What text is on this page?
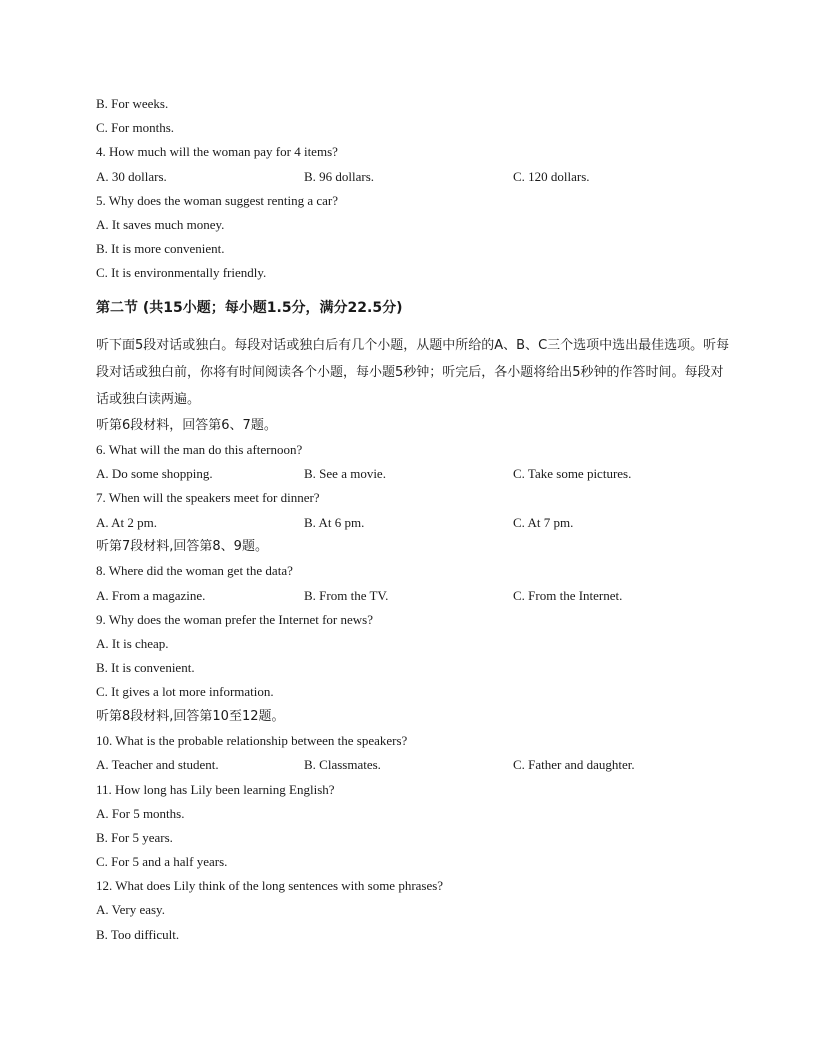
B. For weeks.
C. For months.
4. How much will the woman pay for 4 items?
A. 30 dollars.	B. 96 dollars.	C. 120 dollars.
5. Why does the woman suggest renting a car?
A. It saves much money.
B. It is more convenient.
C. It is environmentally friendly.
第二节 (共15小题；每小题1.5分，满分22.5分)
听下面5段对话或独白。每段对话或独白后有几个小题，从题中所给的A、B、C三个选项中选出最佳选项。听每段对话或独白前，你将有时间阅读各个小题，每小题5秒钟；听完后，各小题将给出5秒钟的作答时间。每段对话或独白读两遍。
听第6段材料，回答第6、7题。
6. What will the man do this afternoon?
A. Do some shopping.	B. See a movie.	C. Take some pictures.
7. When will the speakers meet for dinner?
A. At 2 pm.	B. At 6 pm.	C. At 7 pm.
听第7段材料,回答第8、9题。
8. Where did the woman get the data?
A. From a magazine.	B. From the TV.	C. From the Internet.
9. Why does the woman prefer the Internet for news?
A. It is cheap.
B. It is convenient.
C. It gives a lot more information.
听第8段材料,回答第10至12题。
10. What is the probable relationship between the speakers?
A. Teacher and student.	B. Classmates.	C. Father and daughter.
11. How long has Lily been learning English?
A. For 5 months.
B. For 5 years.
C. For 5 and a half years.
12. What does Lily think of the long sentences with some phrases?
A. Very easy.
B. Too difficult.
